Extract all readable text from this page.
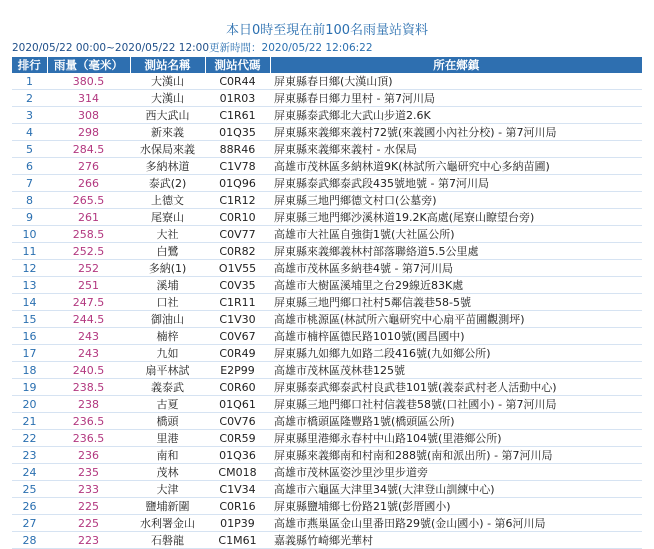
本日0時至現在前100名雨量站資料
2020/05/22 00:00~2020/05/22 12:00更新時間：2020/05/22 12:06:22
排行	雨量（毫米）	測站名稱	測站代碼	所在鄉鎮
1	380.5	大漢山	C0R44	屏東縣春日鄉(大漢山頂)
2	314	大漢山	01R03	屏東縣春日鄉力里村 - 第7河川局
3	308	西大武山	C1R61	屏東縣泰武鄉北大武山步道2.6K
4	298	新來義	01Q35	屏東縣來義鄉來義村72號(來義國小內社分校) - 第7河川局
5	284.5	水保局來義	88R46	屏東縣來義鄉來義村 - 水保局
6	276	多納林道	C1V78	高雄市茂林區多納林道9K(林試所六龜研究中心多納苗圃)
7	266	泰武(2)	01Q96	屏東縣泰武鄉泰武段435號地號 - 第7河川局
8	265.5	上德文	C1R12	屏東縣三地門鄉德文村口(公墓旁)
9	261	尾寮山	C0R10	屏東縣三地門鄉沙溪林道19.2K高處(尾寮山瞭望台旁)
10	258.5	大社	C0V77	高雄市大社區自強街1號(大社區公所)
11	252.5	白鷺	C0R82	屏東縣來義鄉義林村部落聯絡道5.5公里處
12	252	多納(1)	O1V55	高雄市茂林區多納巷4號 - 第7河川局
13	251	溪埔	C0V35	高雄市大樹區溪埔里之台29線近83K處
14	247.5	口社	C1R11	屏東縣三地門鄉口社村5鄰信義巷58-5號
15	244.5	御油山	C1V30	高雄市桃源區(林試所六龜研究中心扇平苗圃觀測坪)
16	243	楠梓	C0V67	高雄市楠梓區德民路1010號(國昌國中)
17	243	九如	C0R49	屏東縣九如鄉九如路二段416號(九如鄉公所)
18	240.5	扇平林試	E2P99	高雄市茂林區茂林巷125號
19	238.5	義泰武	C0R60	屏東縣泰武鄉泰武村良武巷101號(義泰武村老人活動中心)
20	238	古夏	01Q61	屏東縣三地門鄉口社村信義巷58號(口社國小) - 第7河川局
21	236.5	橋頭	C0V76	高雄市橋頭區隆豐路1號(橋頭區公所)
22	236.5	里港	C0R59	屏東縣里港鄉永春村中山路104號(里港鄉公所)
23	236	南和	01Q36	屏東縣來義鄉南和村南和288號(南和派出所) - 第7河川局
24	235	茂林	CM018	高雄市茂林區姿沙里沙里步道旁
25	233	大津	C1V34	高雄市六龜區大津里34號(大津登山訓練中心)
26	225	鹽埔新圍	C0R16	屏東縣鹽埔鄉七份路21號(彭厝國小)
27	225	水利署金山	01P39	高雄市燕巢區金山里番田路29號(金山國小) - 第6河川局
28	223	石磐龍	C1M61	嘉義縣竹崎鄉光華村
